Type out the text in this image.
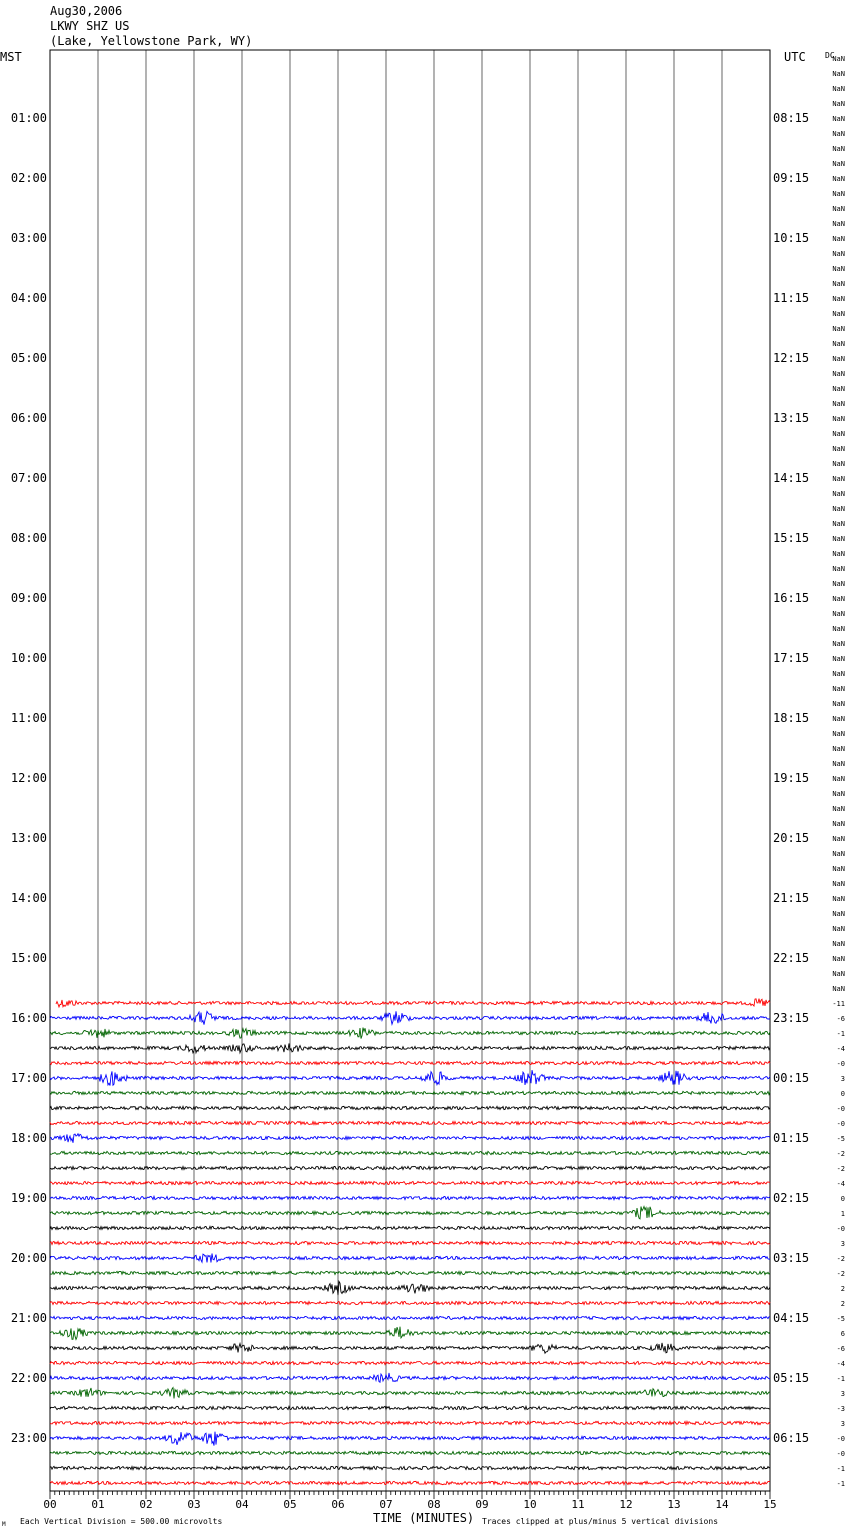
Aug30,2006
LKWY SHZ US
(Lake, Yellowstone Park, WY)
00	01	02	03	04	05	06	07	08	09	10	11	12	13	14	15
01:00	08:15
02:00	09:15
03:00	10:15
04:00	11:15
05:00	12:15
06:00	13:15
07:00	14:15
08:00	15:15
09:00	16:15
10:00	17:15
11:00	18:15
12:00	19:15
13:00	20:15
14:00	21:15
15:00	22:15
16:00	23:15
17:00	00:15
18:00	01:15
19:00	02:15
20:00	03:15
21:00	04:15
22:00	05:15
23:00	06:15
NaN
NaN
NaN
NaN
NaN
NaN
NaN
NaN
NaN
NaN
NaN
NaN
NaN
NaN
NaN
NaN
NaN
NaN
NaN
NaN
NaN
NaN
NaN
NaN
NaN
NaN
NaN
NaN
NaN
NaN
NaN
NaN
NaN
NaN
NaN
NaN
NaN
NaN
NaN
NaN
NaN
NaN
NaN
NaN
NaN
NaN
NaN
NaN
NaN
NaN
NaN
NaN
NaN
NaN
NaN
NaN
NaN
NaN
NaN
NaN
NaN
NaN
NaN
-11
-6
-1
-4
-0
3
0
-0
-0
-5
-2
-2
-4
0
1
-0
3
-2
-2
2
2
-5
6
-6
-4
-1
3
-3
3
-0
-0
-1
-1
MST	UTC DC
TIME (MINUTES)
Each Vertical Division = 500.00 microvolts	Traces clipped at plus/minus 5 vertical divisions
M
